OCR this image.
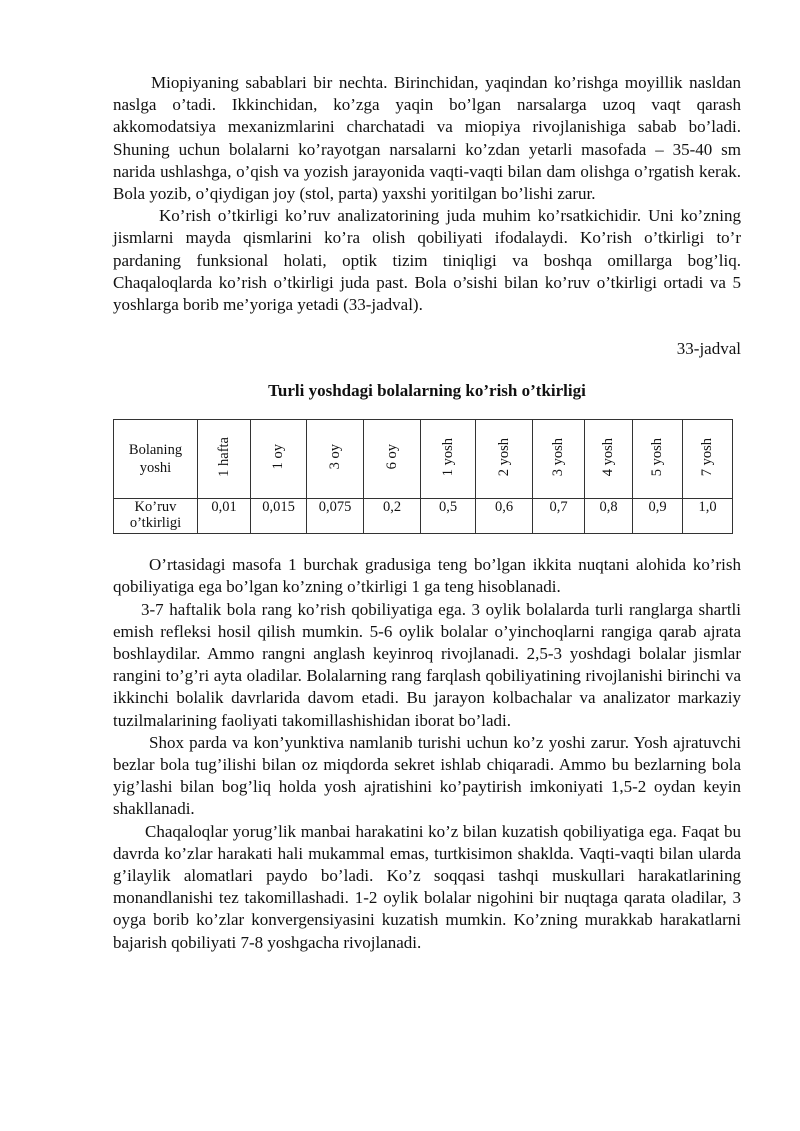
Miopiyaning sabablari bir nechta. Birinchidan, yaqindan ko’rishga moyillik nasldan naslga o’tadi. Ikkinchidan, ko’zga yaqin bo’lgan narsalarga uzoq vaqt qarash akkomodatsiya mexanizmlarini charchatadi va miopiya rivojlanishiga sabab bo’ladi. Shuning uchun bolalarni ko’rayotgan narsalarni ko’zdan yetarli masofada – 35-40 sm narida ushlashga, o’qish va yozish jarayonida vaqti-vaqti bilan dam olishga o’rgatish kerak. Bola yozib, o’qiydigan joy (stol, parta) yaxshi yoritilgan bo’lishi zarur.

Ko’rish o’tkirligi ko’ruv analizatorining juda muhim ko’rsatkichidir. Uni ko’zning jismlarni mayda qismlarini ko’ra olish qobiliyati ifodalaydi. Ko’rish o’tkirligi to’r pardaning funksional holati, optik tizim tiniqligi va boshqa omillarga bog’liq. Chaqaloqlarda ko’rish o’tkirligi juda past. Bola o’sishi bilan ko’ruv o’tkirligi ortadi va 5 yoshlarga borib me’yoriga yetadi (33-jadval).

33-jadval

Turli yoshdagi bolalarning ko’rish o’tkirligi

Bolaning yoshi	1 hafta	1 oy	3 oy	6 oy	1 yosh	2 yosh	3 yosh	4 yosh	5 yosh	7 yosh
Ko’ruv o’tkirligi	0,01	0,015	0,075	0,2	0,5	0,6	0,7	0,8	0,9	1,0

O’rtasidagi masofa 1 burchak gradusiga teng bo’lgan ikkita nuqtani alohida ko’rish qobiliyatiga ega bo’lgan ko’zning o’tkirligi 1 ga teng hisoblanadi.

3-7 haftalik bola rang ko’rish qobiliyatiga ega. 3 oylik bolalarda turli ranglarga shartli emish refleksi hosil qilish mumkin. 5-6 oylik bolalar o’yinchoqlarni rangiga qarab ajrata boshlaydilar. Ammo rangni anglash keyinroq rivojlanadi. 2,5-3 yoshdagi bolalar jismlar rangini to’g’ri ayta oladilar. Bolalarning rang farqlash qobiliyatining rivojlanishi birinchi va ikkinchi bolalik davrlarida davom etadi. Bu jarayon kolbachalar va analizator markaziy tuzilmalarining faoliyati takomillashishidan iborat bo’ladi.

Shox parda va kon’yunktiva namlanib turishi uchun ko’z yoshi zarur. Yosh ajratuvchi bezlar bola tug’ilishi bilan oz miqdorda sekret ishlab chiqaradi. Ammo bu bezlarning bola yig’lashi bilan bog’liq holda yosh ajratishini ko’paytirish imkoniyati 1,5-2 oydan keyin shakllanadi.

Chaqaloqlar yorug’lik manbai harakatini ko’z bilan kuzatish qobiliyatiga ega. Faqat bu davrda ko’zlar harakati hali mukammal emas, turtkisimon shaklda. Vaqti-vaqti bilan ularda g’ilaylik alomatlari paydo bo’ladi. Ko’z soqqasi tashqi muskullari harakatlarining monandlanishi tez takomillashadi. 1-2 oylik bolalar nigohini bir nuqtaga qarata oladilar, 3 oyga borib ko’zlar konvergensiyasini kuzatish mumkin. Ko’zning murakkab harakatlarni bajarish qobiliyati 7-8 yoshgacha rivojlanadi.
